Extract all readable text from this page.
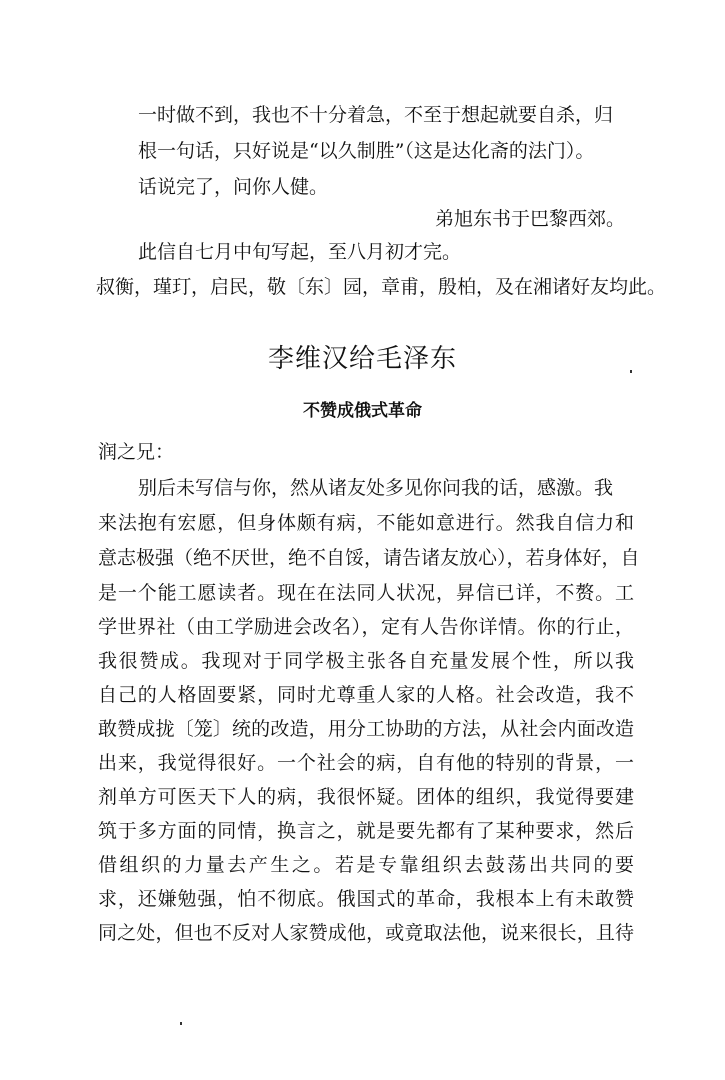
一时做不到，我也不十分着急，不至于想起就要自杀，归
根一句话，只好说是“以久制胜”（这是达化斋的法门）。
话说完了，问你人健。
弟旭东书于巴黎西郊。
此信自七月中旬写起，至八月初才完。
叔衡，瑾玎，启民，敬〔东〕园，章甫，殷柏，及在湘诸好友均此。
李维汉给毛泽东
不赞成俄式革命
润之兄：
别后未写信与你，然从诸友处多见你问我的话，感激。我
来法抱有宏愿，但身体颇有病，不能如意进行。然我自信力和
意志极强（绝不厌世，绝不自馁，请告诸友放心），若身体好，自
是一个能工愿读者。现在在法同人状况，昇信已详，不赘。工
学世界社（由工学励进会改名），定有人告你详情。你的行止，
我很赞成。我现对于同学极主张各自充量发展个性，所以我
自己的人格固要紧，同时尤尊重人家的人格。社会改造，我不
敢赞成拢〔笼〕统的改造，用分工协助的方法，从社会内面改造
出来，我觉得很好。一个社会的病，自有他的特别的背景，一
剂单方可医天下人的病，我很怀疑。团体的组织，我觉得要建
筑于多方面的同情，换言之，就是要先都有了某种要求，然后
借组织的力量去产生之。若是专靠组织去鼓荡出共同的要
求，还嫌勉强，怕不彻底。俄国式的革命，我根本上有未敢赞
同之处，但也不反对人家赞成他，或竟取法他，说来很长，且待
